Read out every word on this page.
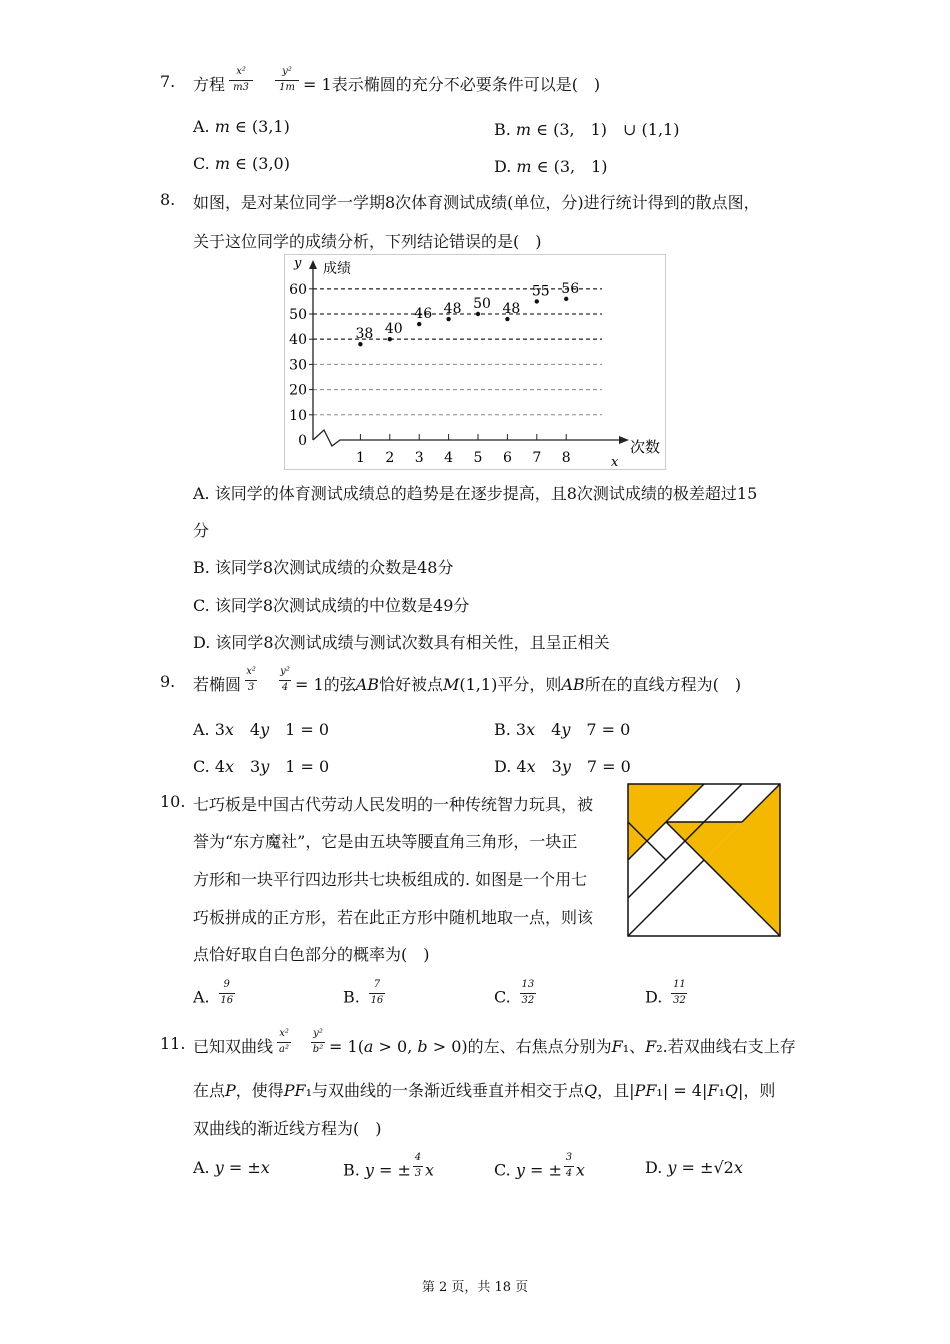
7. 方程 $\frac{\text{x²}}{m3} \frac{\text{y²}}{1m} = 1$表示椭圆的充分不必要条件可以是(　)
A. 𝑚 ∈ (3,1)	B. 𝑚 ∈ (3,　1)　∪ (1,1)
C. 𝑚 ∈ (3,0)	D. 𝑚 ∈ (3,　1)
8. 如图，是对某位同学一学期8次体育测试成绩(单位，分)进行统计得到的散点图，
关于这位同学的成绩分析，下列结论错误的是(　)
y 成绩
次数
x
0
10
20
30
40
50
60
1 2 3 4 5 6 7 8
38 40
46 48 50 48
55 56
A. 该同学的体育测试成绩总的趋势是在逐步提高，且8次测试成绩的极差超过15
分
B. 该同学8次测试成绩的众数是48分
C. 该同学8次测试成绩的中位数是49分
D. 该同学8次测试成绩与测试次数具有相关性，且呈正相关
9. 若椭圆 $\frac{\text{x²}}{3} \frac{\text{y²}}{4} = 1$的弦𝐴𝐵恰好被点𝑀(1,1)平分，则𝐴𝐵所在的直线方程为(　)
A. 3𝑥　4𝑦　1 = 0	B. 3𝑥　4𝑦　7 = 0
C. 4𝑥　3𝑦　1 = 0	D. 4𝑥　3𝑦　7 = 0
10. 七巧板是中国古代劳动人民发明的一种传统智力玩具，被
誉为“东方魔社”，它是由五块等腰直角三角形，一块正
方形和一块平行四边形共七块板组成的. 如图是一个用七
巧板拼成的正方形，若在此正方形中随机地取一点，则该
点恰好取自白色部分的概率为(　)
A. $\frac{9}{16}$	B. $\frac{7}{16}$	C. $\frac{13}{32}$	D. $\frac{11}{32}$
11. 已知双曲线 $\frac{\text{x²}}{\text{a²}} \frac{\text{y²}}{\text{b²}}$ = 1(𝑎 > 0, 𝑏 > 0)的左、右焦点分别为𝐹₁、𝐹₂.若双曲线右支上存
在点𝑃，使得𝑃𝐹₁与双曲线的一条渐近线垂直并相交于点𝑄，且|𝑃𝐹₁| = 4|𝐹₁𝑄|，则
双曲线的渐近线方程为(　)
A. 𝑦 = ±𝑥	B. 𝑦 = ± $\frac{4}{3}$ 𝑥	C. 𝑦 = ± $\frac{3}{4}$ 𝑥	D. 𝑦 = ±√2𝑥
第 2 页，共 18 页
